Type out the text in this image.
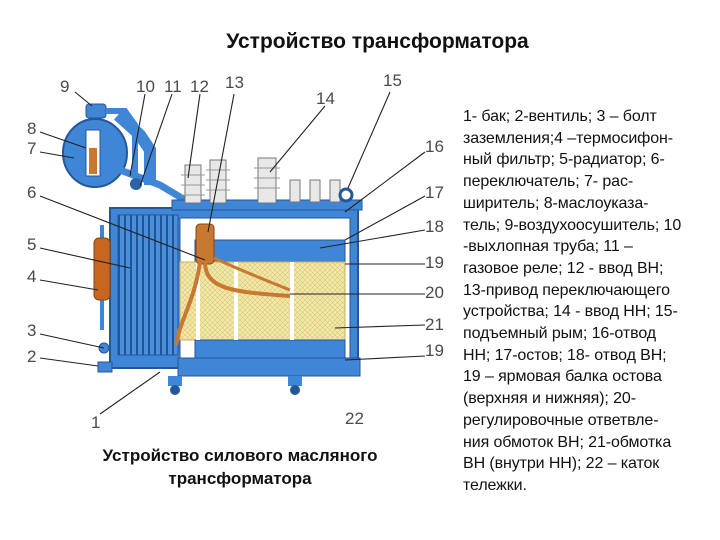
Устройство трансформатора
9
8
7
10 11 12 13
14
15
16
6	17
18
5
19
4
20
21
3
19
2
1	22
1- бак; 2-вентиль; 3 – болт
заземления;4 –термосифон-
ный фильтр; 5-радиатор; 6-
переключатель; 7- рас-
ширитель; 8-маслоуказа-
тель; 9-воздухоосушитель; 10
-выхлопная труба; 11 –
газовое реле; 12 - ввод ВН;
13-привод переключающего
устройства; 14 - ввод НН; 15-
подъемный рым; 16-отвод
НН; 17-остов; 18- отвод ВН;
19 – ярмовая балка остова
(верхняя и нижняя); 20-
регулировочные ответвле-
ния обмоток ВН; 21-обмотка
ВН (внутри НН); 22 – каток
тележки.
Устройство силового масляного
трансформатора
